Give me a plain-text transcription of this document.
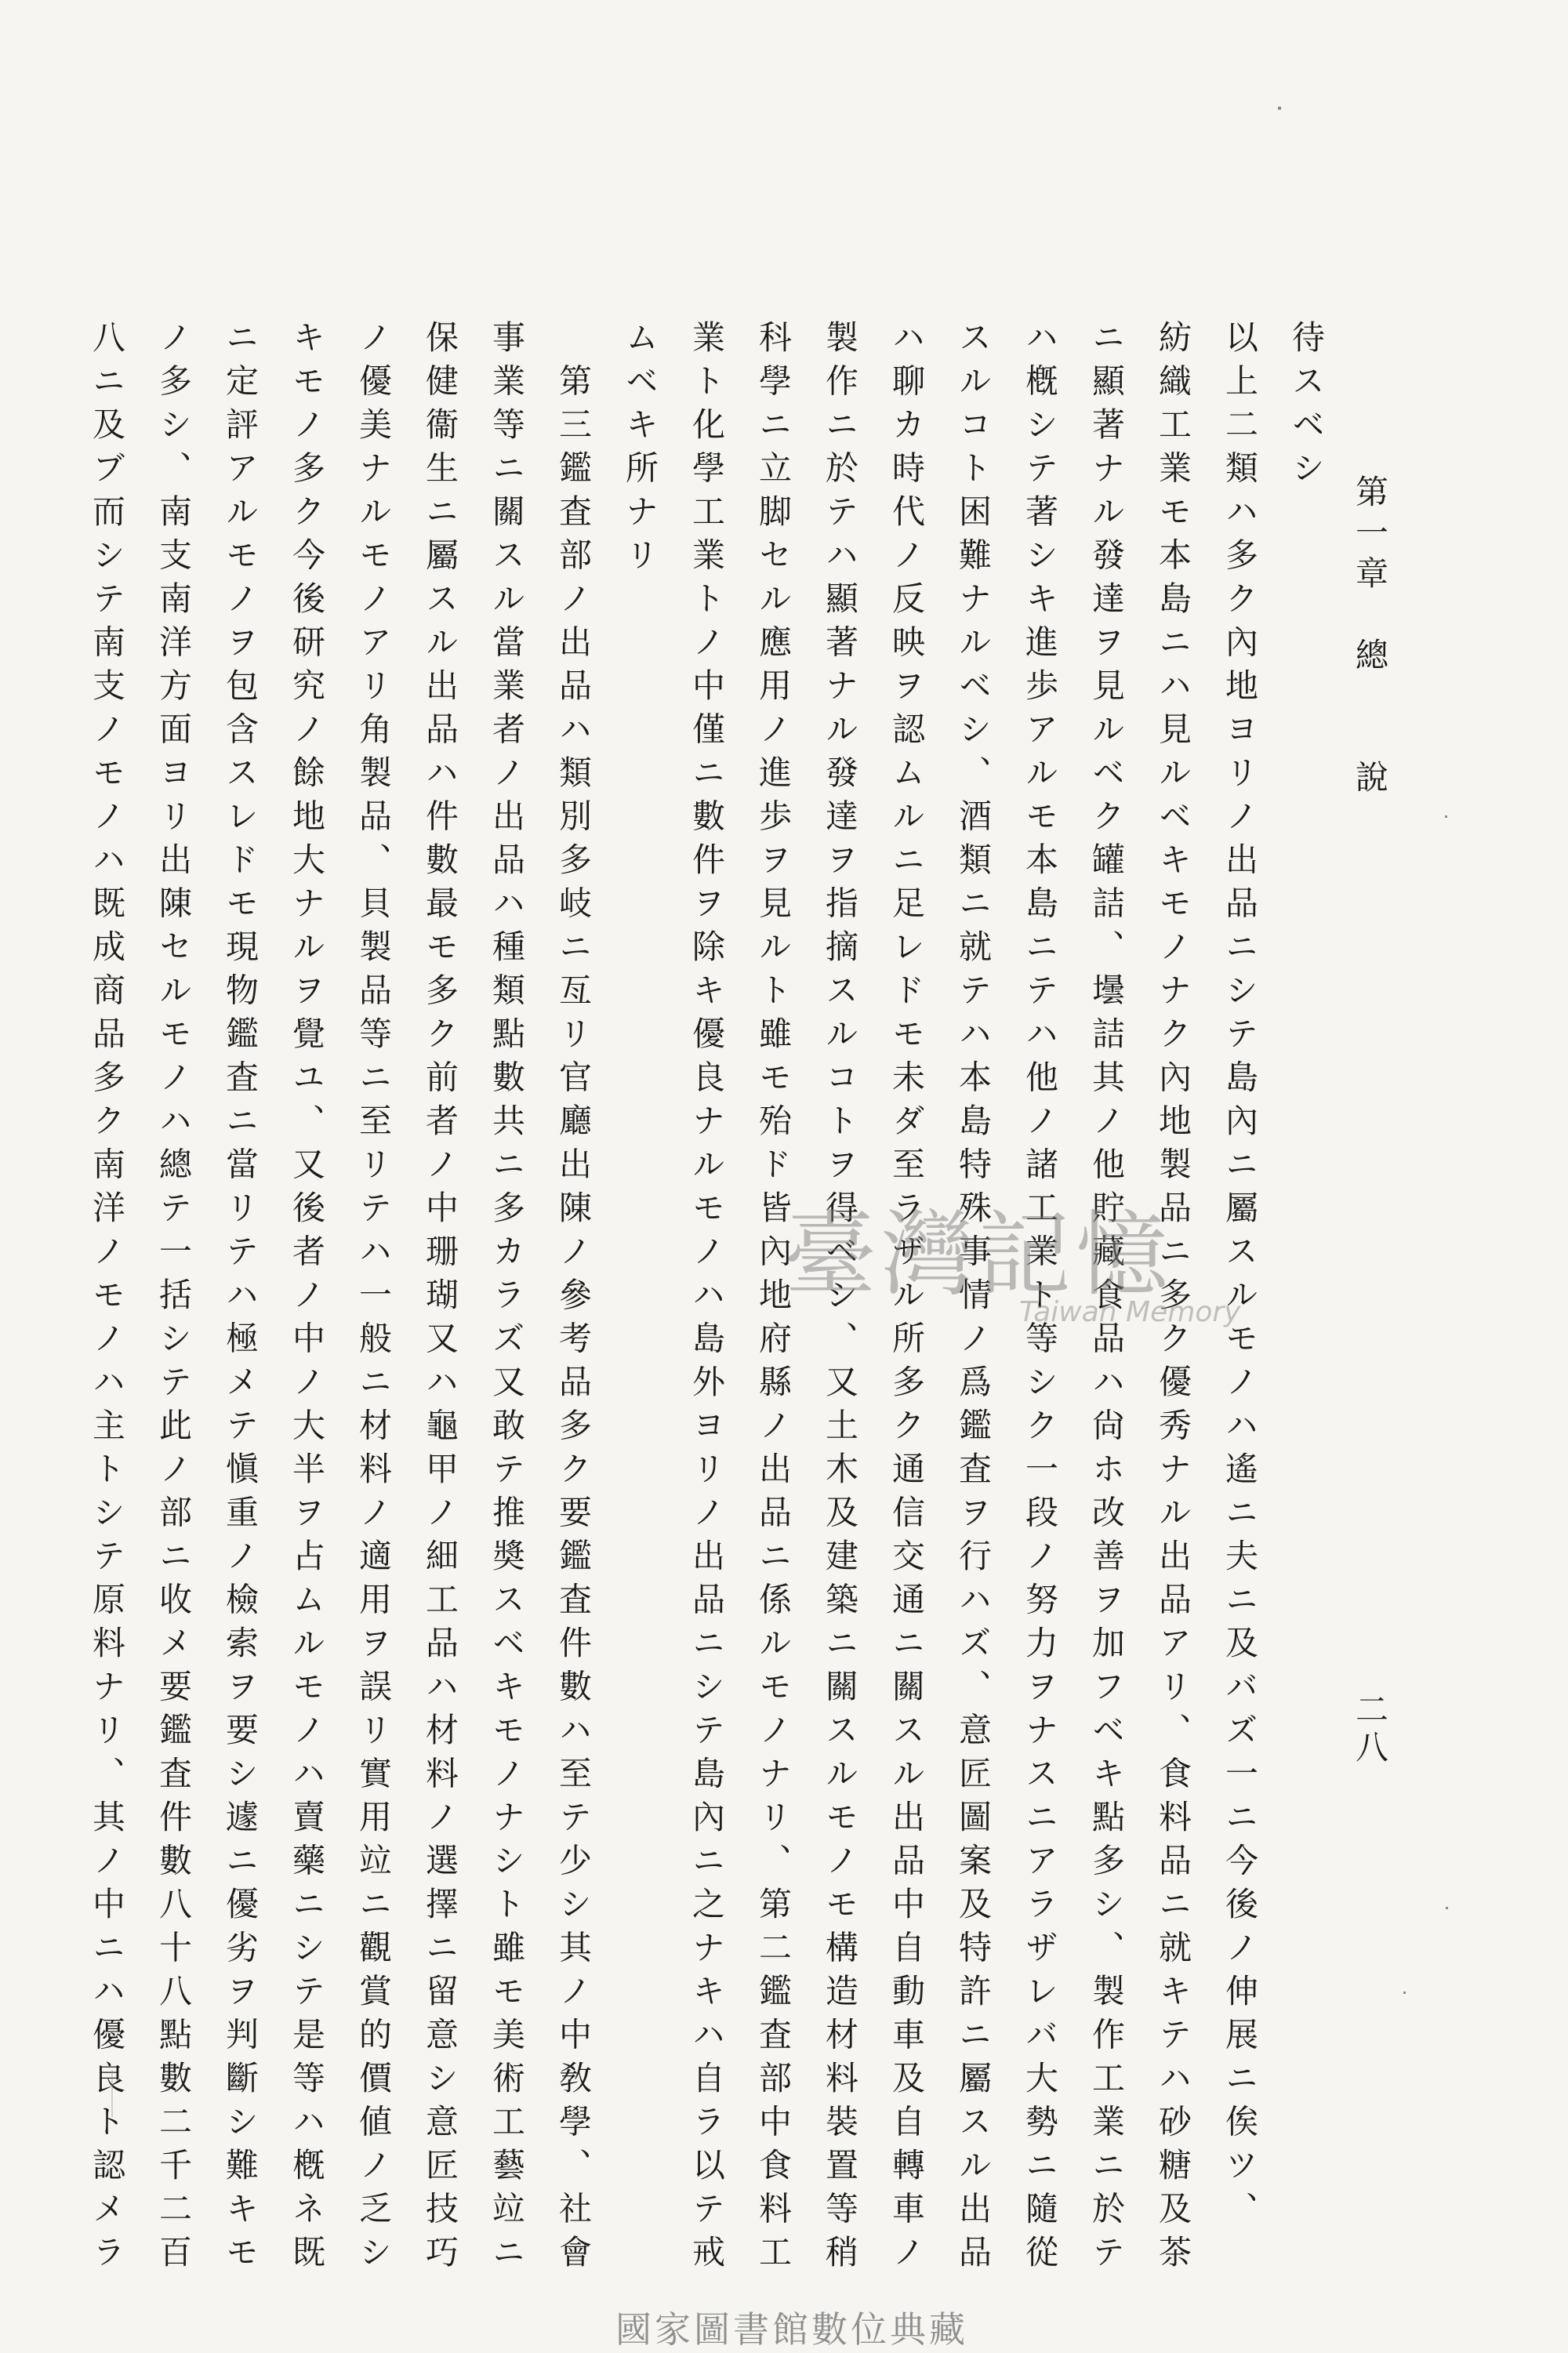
第一章　總　　說
二八
待スベシ
以上二類ハ多ク內地ヨリノ出品ニシテ島內ニ屬スルモノハ遙ニ夫ニ及バズ一ニ今後ノ伸展ニ俟ツ、
紡織工業モ本島ニハ見ルベキモノナク內地製品ニ多ク優秀ナル出品アリ、食料品ニ就キテハ砂糖及茶
ニ顯著ナル發達ヲ見ルベク罐詰、壜詰其ノ他貯藏食品ハ尙ホ改善ヲ加フベキ點多シ、製作工業ニ於テ
ハ槪シテ著シキ進歩アルモ本島ニテハ他ノ諸工業ト等シク一段ノ努力ヲナスニアラザレバ大勢ニ隨從
スルコト困難ナルベシ、酒類ニ就テハ本島特殊事情ノ爲鑑査ヲ行ハズ、意匠圖案及特許ニ屬スル出品
ハ聊カ時代ノ反映ヲ認ムルニ足レドモ未ダ至ラザル所多ク通信交通ニ關スル出品中自動車及自轉車ノ
製作ニ於テハ顯著ナル發達ヲ指摘スルコトヲ得ベシ、又土木及建築ニ關スルモノモ構造材料裝置等稍
科學ニ立脚セル應用ノ進歩ヲ見ルト雖モ殆ド皆內地府縣ノ出品ニ係ルモノナリ、第二鑑査部中食料工
業ト化學工業トノ中僅ニ數件ヲ除キ優良ナルモノハ島外ヨリノ出品ニシテ島內ニ之ナキハ自ラ以テ戒
ムベキ所ナリ
　第三鑑査部ノ出品ハ類別多岐ニ亙リ官廳出陳ノ參考品多ク要鑑査件數ハ至テ少シ其ノ中敎學、社會
事業等ニ關スル當業者ノ出品ハ種類點數共ニ多カラズ又敢テ推奬スベキモノナシト雖モ美術工藝竝ニ
保健衞生ニ屬スル出品ハ件數最モ多ク前者ノ中珊瑚又ハ龜甲ノ細工品ハ材料ノ選擇ニ留意シ意匠技巧
ノ優美ナルモノアリ角製品、貝製品等ニ至リテハ一般ニ材料ノ適用ヲ誤リ實用竝ニ觀賞的價値ノ乏シ
キモノ多ク今後研究ノ餘地大ナルヲ覺ユ、又後者ノ中ノ大半ヲ占ムルモノハ賣藥ニシテ是等ハ槪ネ既
ニ定評アルモノヲ包含スレドモ現物鑑査ニ當リテハ極メテ愼重ノ檢索ヲ要シ遽ニ優劣ヲ判斷シ難キモ
ノ多シ、南支南洋方面ヨリ出陳セルモノハ總テ一括シテ此ノ部ニ收メ要鑑査件數八十八點數二千二百
八ニ及ブ而シテ南支ノモノハ既成商品多ク南洋ノモノハ主トシテ原料ナリ、其ノ中ニハ優良ト認メラ	臺灣記憶
Taiwan Memory
國家圖書館數位典藏
